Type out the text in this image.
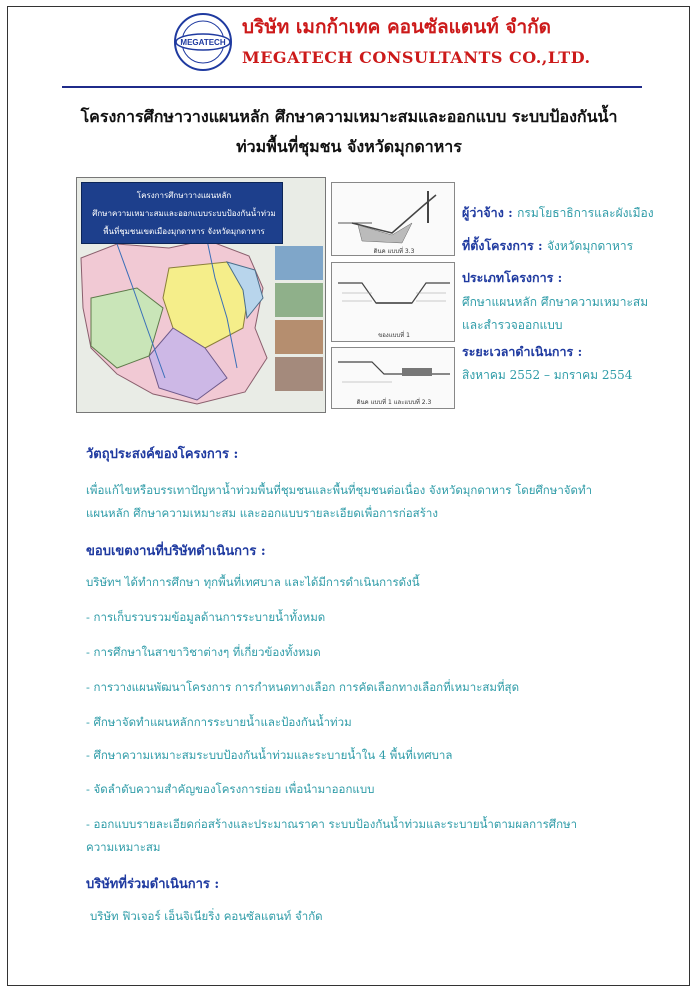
MEGATECH
บริษัท เมกก้าเทค คอนซัลแตนท์ จำกัด
MEGATECH CONSULTANTS CO.,LTD.
โครงการศึกษาวางแผนหลัก ศึกษาความเหมาะสมและออกแบบ ระบบป้องกันน้ำ
ท่วมพื้นที่ชุมชน จังหวัดมุกดาหาร
โครงการศึกษาวางแผนหลัก
ศึกษาความเหมาะสมและออกแบบระบบป้องกันน้ำท่วม
พื้นที่ชุมชนเขตเมืองมุกดาหาร จังหวัดมุกดาหาร
ดินค แบบที่ 3.3
ของแบบที่ 1
ดินค แบบที่ 1 และแบบที่ 2.3
ผู้ว่าจ้าง : กรมโยธาธิการและผังเมือง
ที่ตั้งโครงการ : จังหวัดมุกดาหาร
ประเภทโครงการ :
ศึกษาแผนหลัก ศึกษาความเหมาะสม
และสำรวจออกแบบ
ระยะเวลาดำเนินการ :
สิงหาคม 2552 – มกราคม 2554
วัตถุประสงค์ของโครงการ :
เพื่อแก้ไขหรือบรรเทาปัญหาน้ำท่วมพื้นที่ชุมชนและพื้นที่ชุมชนต่อเนื่อง จังหวัดมุกดาหาร โดยศึกษาจัดทำ
แผนหลัก ศึกษาความเหมาะสม และออกแบบรายละเอียดเพื่อการก่อสร้าง
ขอบเขตงานที่บริษัทดำเนินการ :
บริษัทฯ ได้ทำการศึกษา ทุกพื้นที่เทศบาล และได้มีการดำเนินการดังนี้
- การเก็บรวบรวมข้อมูลด้านการระบายน้ำทั้งหมด
- การศึกษาในสาขาวิชาต่างๆ ที่เกี่ยวข้องทั้งหมด
- การวางแผนพัฒนาโครงการ การกำหนดทางเลือก การคัดเลือกทางเลือกที่เหมาะสมที่สุด
- ศึกษาจัดทำแผนหลักการระบายน้ำและป้องกันน้ำท่วม
- ศึกษาความเหมาะสมระบบป้องกันน้ำท่วมและระบายน้ำใน 4 พื้นที่เทศบาล
- จัดลำดับความสำคัญของโครงการย่อย เพื่อนำมาออกแบบ
- ออกแบบรายละเอียดก่อสร้างและประมาณราคา ระบบป้องกันน้ำท่วมและระบายน้ำตามผลการศึกษา
ความเหมาะสม
บริษัทที่ร่วมดำเนินการ :
บริษัท ฟิวเจอร์ เอ็นจิเนียริ่ง คอนซัลแตนท์ จำกัด
